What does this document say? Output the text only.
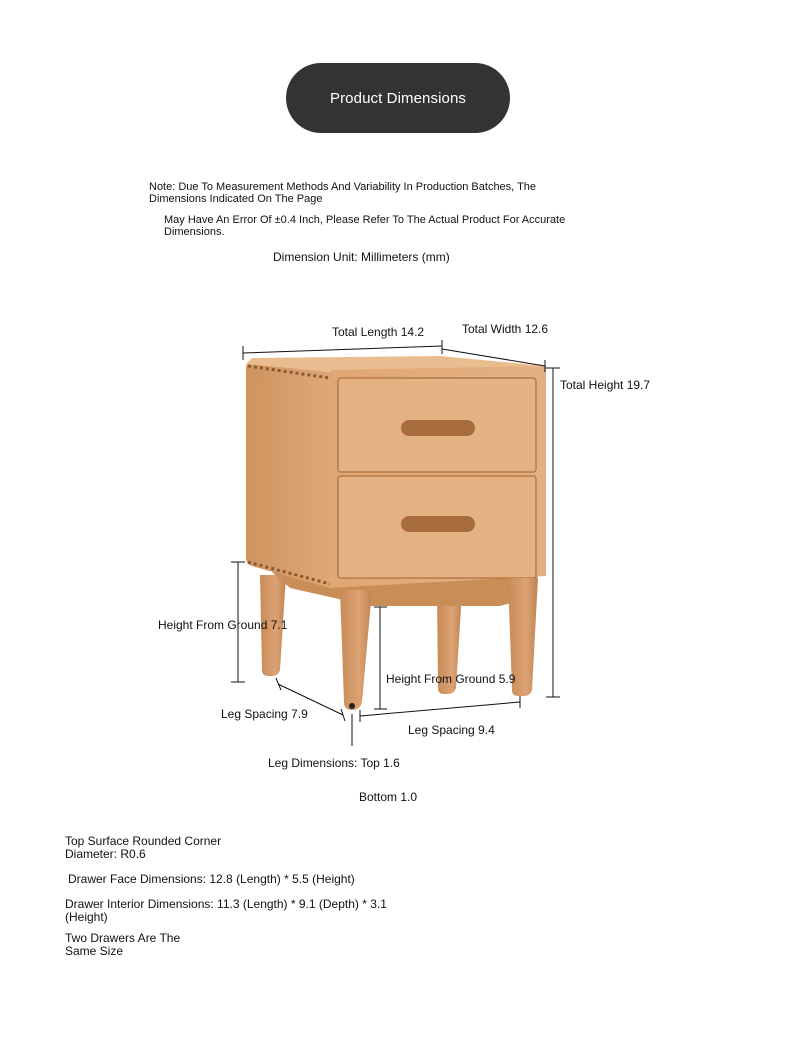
Product Dimensions
Note: Due To Measurement Methods And Variability In Production Batches, The Dimensions Indicated On The Page
May Have An Error Of ±0.4 Inch, Please Refer To The Actual Product For Accurate Dimensions.
Dimension Unit: Millimeters (mm)
Total Length 14.2	Total Width 12.6
Total Height 19.7
Height From Ground 7.1
Height From Ground 5.9
Leg Spacing 7.9
Leg Spacing 9.4
Leg Dimensions: Top 1.6
Bottom 1.0
Top Surface Rounded Corner Diameter: R0.6
Drawer Face Dimensions: 12.8 (Length) * 5.5 (Height)
Drawer Interior Dimensions: 11.3 (Length) * 9.1 (Depth) * 3.1 (Height)
Two Drawers Are The Same Size
